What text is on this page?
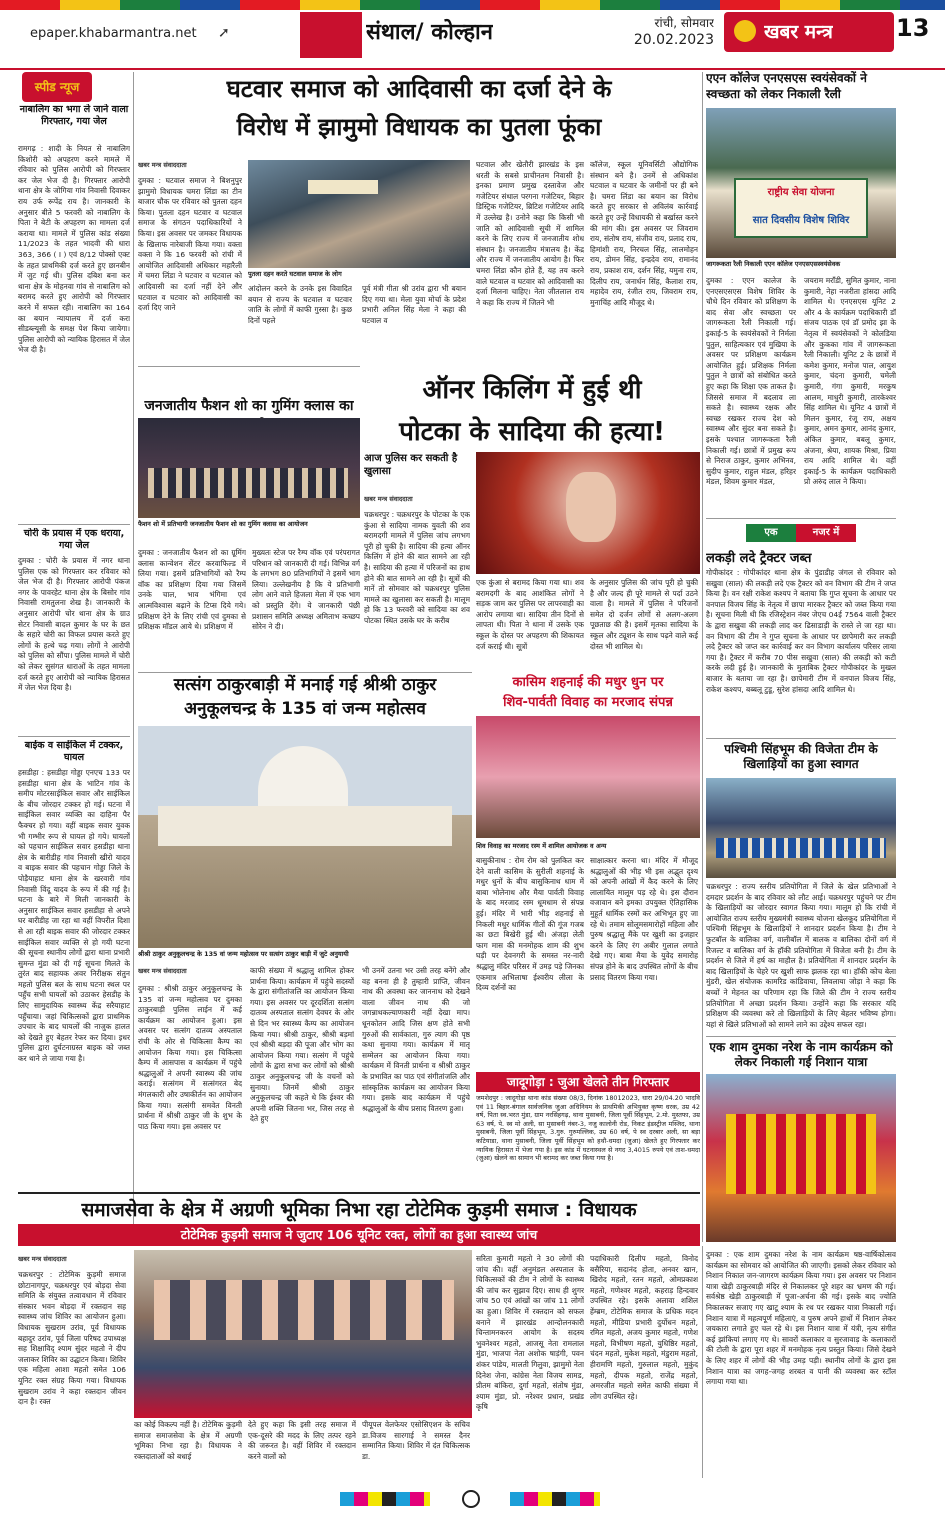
epaper.khabarmantra.net ➚	संथाल/ कोल्हान	रांची, सोमवार
20.02.2023	खबर मन्त्र	13
स्पीड न्यूज
नाबालिग का भगा ले जाने वाला गिरफ्तार, गया जेल
रामगढ़ : शादी के नियत से नाबालिग किशोरी को अपहरण करने मामले में रविवार को पुलिस आरोपी को गिरफ्तार कर जेल भेज दी है। गिरफ्तार आरोपी थाना क्षेत्र के जोगिया गांव निवासी दिवाकर राय उर्फ रूपेंद्र राय है। जानकारी के अनुसार बीते 5 फरवरी को नाबालिग के पिता ने बेटी के अपहरण का मामला दर्ज कराया था। मामले में पुलिस कांड संख्या 11/2023 के तहत भादवी की धारा 363, 366 ( I ) एवं 8/12 पोक्सो एक्ट के तहत प्राथमिकी दर्ज करते हुए छानबीन में जुट गई थी। पुलिस दबिश बना कर थाना क्षेत्र के मोहनवा गांव से नाबालिग को बरामद करते हुए आरोपी को गिरफ्तार करने में सफल रही। नाबालिग का 164 का बयान न्यायालय में दर्ज करा सीडब्ल्यूसी के समक्ष पेश किया जायेगा। पुलिस आरोपी को न्यायिक हिरासत में जेल भेज दी है।
चोरी के प्रयास में एक धराया, गया जेल
दुमका : चोरी के प्रयास में नगर थाना पुलिस एक को गिरफ्तार कर रविवार को जेल भेज दी है। गिरफ्तार आरोपी पंकज नगर के पावरहेट थाना क्षेत्र के बिसोर गांव निवासी रामतुलना शेख है। जानकारी के अनुसार आरोपी चोर थाना क्षेत्र के ग्राउ सेटर निवासी बादल कुमार के घर के छत के सहारे चोरी का विफल प्रयास करते हुए लोगों के हत्थे चढ़ गया। लोगों ने आरोपी को पुलिस को सौंपा। पुलिस मामले में चोरी को लेकर सुसंगत धाराओं के तहत मामला दर्ज करते हुए आरोपी को न्यायिक हिरासत में जेल भेज दिया है।
बाईक व साईकिल में टक्कर, घायल
हसडीहा : हसडीहा गोड्डा एनएच 133 पर हसडीहा थाना क्षेत्र के भाटिन गांव के समीप मोटरसाईकिल सवार और साईकिल के बीच जोरदार टक्कर हो गई। घटना में साईकिल सवार व्यक्ति का दाहिना पैर फैक्चर हो गया। वहीं बाइक सवार युवक भी गम्भीर रूप से घायल हो गये। घायलों को पहचान साईकिल सवार हसडीहा थाना क्षेत्र के बारीडीह गांव निवासी खीरो यादव व बाइक सवार की पहचान गोड्डा जिले के पोड़ैयाहाट थाना क्षेत्र के खरवारी गांव निवासी विंदू यादव के रूप में की गई है। घटना के बारे में मिली जानकारी के अनुसार साईकिल सवार हसडीहा से अपने घर बारीडीह जा रहा था वहीं विपरीत दिशा से आ रही बाइक सवार की जोरदार टक्कर साईकिल सवार व्यक्ति से हो गयी घटना की सूचना स्थानीय लोगों द्वारा थाना प्रभारी सुमन्त मुंडा को दी गई सूचना मिलते के तुरंत बाद सहायक अवर निरीक्षक संतुन महतो पुलिस बल के साथ घटना स्थल पर पहुँच सभी घायलों को उठाकर हेसडीह के लिए सामुदायिक स्वास्थ्य केंद्र सरैयाहाट पहुँचाया। जहां चिकित्सकों द्वारा प्राथमिक उपचार के बाद घायलों की नाजुक हालत को देखते हुए बेहतर रेफर कर दिया। इधर पुलिस द्वारा दुर्घटनाग्रस्त बाइक को जब्त कर थाने ले जाया गया है।
घटवार समाज को आदिवासी का दर्जा देने के
विरोध में झामुमो विधायक का पुतला फूंका
खबर मन्त्र संवाददाता
दुमका : घटवाल समाज ने बिशनुपुर झामुमो विधायक चमरा लिंडा का टीन बाजार चौक पर रविवार को पुतला दहन किया। पुतला दहन घटवार व घटवाल समाज के संगठन पदाधिकारियों ने किया। इस अवसर पर जमकर विधायक के खिलाफ नारेबाजी किया गया। वक्ता वक्ता ने कि 16 फरवरी को रांची में आयोजित आदिवासी अधिकार महारैली में चमरा लिंडा ने घटवार व घटवाल को आदिवासी का दर्जा नहीं देने और घटवाल व घटवार को आदिवासी का दर्जा दिए जाने
पुतला दहन करते घटवाल समाज के लोग
आंदोलन करने के उनके इस विवादित बयान से राज्य के घटवाल व घटवार जाति के लोगों में काफी गुस्सा है। कुछ दिनों पहले
पूर्व मंत्री गीता श्री उरांव द्वारा भी बयान दिए गया था। मेला युवा मोर्चा के प्रदेश प्रभारी अनिल सिंह मेला ने कहा की घटवाल व
घटवाल और खेतौरी झारखंड के इस धरती के सबसे प्राचीनतम निवासी है। इनका प्रमाण प्रमुख दस्तावेज और गजेटियर संथाल परगना गजेटियर, बिहार डिस्ट्रिक गजेटियर, ब्रिटिश गजेटियर आदि में उल्लेख है। उनोने कहा कि किसी भी जाति को आदिवासी सूची में शामिल करने के लिए राज्य में जनजातीय शोध संस्थान है। जनजातीय मंत्रालय है। केंद्र और राज्य में जनजातीय आयोग है। फिर चमरा लिंडा कौन होते हैं, यह तय करने वाले घटवाल व घटवार को आदिवासी का दर्जा मिलना चाहिए। नेता जीतलाल राय ने कहा कि राज्य में जितने भी
कॉलेज, स्कूल यूनिवर्सिटी औद्योगिक संस्थान बने है। उनमें से अधिकांश घटवाल व घटवार के जमीनों पर ही बने है। चमरा लिंडा का बयान का विरोध करते हुए सरकार से अविलंब कार्रवाई करते हुए उन्हें विधायकी से बर्खास्त करने की मांग की। इस अवसर पर जिवराम राय, संतोष राय, संजीव राय, प्रलाद राय, हिमांशी राय, निरचल सिंह, लालमोहन राय, डोमन सिंह, इन्द्रदेव राय, रामानंद राय, प्रकाश राय, दर्शन सिंह, यमुना राय, दिलीप राय, जनार्धन सिंह, कैलाश राय, महादेव राय, रंजीत राय, जिवराम राय, मुनाचिंह आदि मौजूद थे।
एएन कॉलेज एनएसएस स्वयंसेवकों ने स्वच्छता को लेकर निकाली रैली
राष्ट्रीय सेवा योजना
सात दिवसीय विशेष शिविर
जागरूकता रैली निकाली एएन कॉलेज एनएसएसस्वयंसेवक
दुमका : एएन कालेज के एनएसएसएस विशेष शिविर के चौथे दिन रविवार को प्रशिक्षण के बाद सेवा और स्वच्छता पर जागरूकता रैली निकाली गई। इकाई-5 के स्वयंसेवकों ने निर्मला पुतुल, साहित्यकार एवं मुखिया के अवसर पर प्रशिक्षण कार्यक्रम आयोजित हुई। प्रशिक्षक निर्मला पुतुल ने छात्रों को संबोधित करते हुए कहा कि शिक्षा एक ताकत है। जिससे समाज में बदलाव ला सकते है। स्वास्थ्य रक्षक और स्वच्छ रखकर राज्य देश को स्वास्थ्य और सुंदर बना सकते है। इसके पश्चात जागरूकता रैली निकाली गई। छात्रों में प्रमुख रूप से निराज ठाकुर, कुमार अभिनव, सुदीप कुमार, राहुल मंडल, हरिहर मंडल, शिवम कुमार मंडल,
जयराम मराँडी, सुमित कुमार, नाना कुमारी, नेहा नजरीता हांसदा आदि शामिल थे। एनएसएस यूनिट 2 और 4 के कार्यक्रम पदाधिकारी डॉ संजय पाठक एवं डॉ प्रमोद झा के नेतृत्व में स्वयंसेवकों ने कोलडिया और कुकका गांव में जागरूकता रैली निकाली। यूनिट 2 के छात्रों में कमेश कुमार, मनोज पाल, आयुश कुमार, चंदना कुमारी, चमेली कुमारी, गंगा कुमारी, मरकुष आलम, माधुरी कुमारी, तारकेश्वर सिंह शामिल थे। यूनिट 4 छात्रों में मिलन कुमार, रंजू राय, अक्षय कुमार, अमन कुमार, आनंद कुमार, अंकित कुमार, बबलू कुमार, अंजना, श्रेया, शायक मिश्रा, प्रिया राय आदि शामिल थे। वहीं इकाई-5 के कार्यक्रम पदाधिकारी प्रो अरुंद लाल ने किया।
जनजातीय फैशन शो का गुमिंग क्लास का
फैशन शो में प्रतिभागी जनजातीय फैशन शो का गुमिंग क्लास का आयोजन
दुमका : जनजातीय फैशन शो का ग्रूमिंग क्लास कान्वेशन सेंटर करवाफिल्ड में लिया गया। इसमें प्रतिभागियों को रैम्प वॉक का प्रशिक्षण दिया गया जिसमें उनके चाल, भाव भंगिमा एवं आत्मविश्वास बढ़ाने के टिप्स दिये गये। प्रशिक्षण देने के लिए रांची एवं दुमका से प्रशिक्षक मॉडल आये थे। प्रशिक्षण में
मुख्यतः स्टेज पर रैम्प वॉक एवं परंपरागत परिधान को जानकारी दी गई। विभिन्न वर्ग के लगभग 80 प्रतिभागियों ने इसमें भाग लिया। उल्लेखनीय है कि ये प्रतिभागी लोग आने वाले हिजला मेला में एक भाग को प्रस्तुति देंगे। ये जानकारी पंछी प्रशासन समिति अध्यक्ष अमिताभ कच्छप सोरेन ने दी।
ऑनर किलिंग में हुई थी
पोटका के सादिया की हत्या!
आज पुलिस कर सकती है खुलासा
खबर मन्त्र संवाददाता
चक्रधरपुर : चक्रधरपुर के पोटका के एक कुंआ से सादिया नामक युवती की शव बरामदगी मामले में पुलिस जांच लगभग पूरी हो चुकी है। सादिया की हत्या ऑनर किलिंग में होने की बात सामने आ रही है। सादिया की हत्या में परिजनों का हाथ होने की बात सामने आ रही है। सूत्रों की मानें तो सोमवार को चक्रधरपुर पुलिस मामले का खुलासा कर सकती है। मालूम हो कि 13 फरवरी को सादिया का शव पोटका स्थित उसके घर के करीब
एक कुंआ से बरामद किया गया था। शव बरामदगी के बाद आशंकित लोगों ने सड़क जाम कर पुलिस पर लापरवाही का आरोप लगाया था। सादिया तीन दिनों से लापता थी। पिता ने थाना में उसके एक स्कूल के दोस्त पर अपहरण की शिकायत दर्ज कराई थी। सूत्रों
के अनुसार पुलिस की जांच पूरी हो चुकी है और जल्द ही पूरे मामले से पर्दा उठने वाला है। मामले में पुलिस ने परिजनों समेत दो दर्जन लोगों से अलग-अलग पूछताछ की है। इसमें मृतका सादिया के स्कूल और ट्यूशन के साथ पढ़ने वाले कई दोस्त भी शामिल थे।
एक	नजर में
लकड़ी लदे ट्रैक्टर जब्त
गोपीकांदर : गोपीकांदर थाना क्षेत्र के पुंडाडीह जंगल से रविवार को सखुवा (साल) की लकड़ी लदे एक ट्रैक्टर को वन विभाग की टीम ने जप्त किया है। वन रक्षी राकेश कश्यप ने बताया कि गुप्त सूचना के आधार पर वनपाल विजय सिंह के नेतृत्व में छापा मारकर ट्रैक्टर को जब्त किया गया है। सूचना मिली थी कि रजिस्ट्रेशन नंबर जेएच 04ई 7564 वाली ट्रैक्टर के द्वारा सखुवा की लकड़ी लाद कर ढिसाडाड़ी के रास्ते ले जा रहा था। वन विभाग की टीम ने गुप्त सूचना के आधार पर छापेमारी कर लकड़ी लदे ट्रैक्टर को जप्त कर कार्रवाई कर वन विभाग कार्यालय परिसर लाया गया है। ट्रैक्टर में करीब 70 पीस सखुवा (साल) की लकड़ी को कटी करके लदी हुई है। जानकारी के मुताबिक ट्रैक्टर गोपीकांदर के मुखल बाजार के बताया जा रहा है। छापेमारी टीम में वनपाल विजय सिंह, राकेश कश्यप, बब्बलू टुडू, सुरेश हांसदा आदि शामिल थे।
सत्संग ठाकुरबाड़ी में मनाई गई श्रीश्री ठाकुर
अनुकूलचन्द्र के 135 वां जन्म महोत्सव
श्रीश्री ठाकुर अनुकूलचन्द्र के 135 वां जन्म महोत्सव पर सत्संग ठाकुर बाड़ी में जुटे अनुयायी
खबर मन्त्र संवाददाता
दुमका : श्रीश्री ठाकुर अनुकूलचन्द्र के 135 वां जन्म महोत्सव पर दुमका ठाकुरबाड़ी पुलिस लाईन में कई कार्यक्रम का आयोजन हुआ। इस अवसर पर सत्संग दातव्य अस्पताल रांची के ओर से चिकित्सा कैम्प का आयोजन किया गया। इस चिकित्सा कैम्प में आसपास व कार्यक्रम में पहुंचे श्रद्धालुओं ने अपनी स्वास्थ्य की जांच कराई। सत्संगम में सत्संगरत बेद मंगलकारी और उषाकीर्तन का आयोजन किया गया। सत्संगी समवेत विनती प्रार्थना में श्रीश्री ठाकुर जी के शुभ के पाठ किया गया। इस अवसर पर
काफी संख्या में श्रद्धालु शामिल होकर प्रार्थना किया। कार्यक्रम में पहुंचे सदस्यों के द्वारा संगीतांजलि का आयोजन किया गया। इस अवसर पर दूरदर्शिता सत्संग दातव्य अस्पताल सत्संग देवघर के ओर से दिन भर स्वास्थ्य कैम्प का आयोजन किया गया। श्रीश्री ठाकुर, श्रीश्री बड़मां एवं श्रीश्री बड़दा की पूजा और भोग का आयोजन किया गया। सत्संग में पहुंचे लोगों के द्वारा सभा कर लोगों को श्रीश्री ठाकुर अनुकूलचन्द्र जी के वचनों को सुनाया। जिनमें श्रीश्री ठाकुर अनुकूलचन्द्र जी कहते थे कि ईश्वर की अपनी शक्ति जितना भर, जिस तरह से देते हुए
भी उनमें उतना भर उसी तरह बनेंगे और वह बनना ही है तुम्हारी प्राप्ति, जीवन नाथ की अवस्था कर जाननाथ को देखने वाला जीवन नाथ की जो जगन्नाथकल्याणकारी नहीं देखा माप। धूनकोतन आदि जिस क्षण होते सभी गुरुओं की सार्वकाता, गुरु त्याग की पृष्ठ कथा सुनाया गया। कार्यक्रम में मातृ सम्मेलन का आयोजन किया गया। कार्यक्रम में विनती प्रार्थना व श्रीश्री ठाकुर के प्रभावित का पाठ एवं संगीतांजलि और सांस्कृतिक कार्यक्रम का आयोजन किया गया। इसके बाद कार्यक्रम में पहुंचे श्रद्धालुओं के बीच प्रसाद वितरण हुआ।
कासिम शहनाई की मधुर धुन पर
शिव-पार्वती विवाह का मरजाद संपन्न
शिव विवाह का मरजाद रस्म में शामिल आयोजक व अन्य
बासुकीनाथ : रोम रोम को पुलकित कर देने वाली कासिम के सुरीली शहनाई के मधुर धुनों के बीच बासुकिनाथ धाम में बाबा भोलेनाथ और मैया पार्वती विवाह के बाद मरजाद रस्म धूमधाम से संपन्न हुई। मंदिर में भारी भीड़ शहनाई से निकली मधुर धार्मिक गीतों की गूंज गजब का छटा बिखेरी हुई थी। अंजड़ा लेती फाग मास की मनमोहक शाम की शुभ घड़ी पर देवनगरी के समस्त नर-नारी श्रद्धालु मंदिर परिसर में उमड़ पड़े जिनका एकमात्र अभिलाषा ईश्वरीय लीला के दिव्य दर्शनों का
साक्षात्कार करना था। मंदिर में मौजूद श्रद्धालुओं की भीड़ भी इस अद्भुत दृश्य को अपनी आंखों में कैद करने के लिए लालायित मालूम पड़ रहे थे। इस दौरान वजावान बने इमका उपयुक्त ऐतिहासिक मुहूर्त धार्मिक रस्मों कर अभिभूत हुए जा रहे थे। तमाम सोलूमसमारोहों महिला और पुरुष श्रद्धालु मैंके पर खुशी का इजहार करने के लिए रंग अबीर गुलाल लगाते देखे गए। बाबा मैया के युवेद समारोह संपन्न होने के बाद उपस्थित लोगों के बीच प्रसाद वितरण किया गया।
जादूगोड़ा : जुआ खेलते तीन गिरफ्तार
जमशेदपुर : जादूगोड़ा थाना कांड संख्या 08/3, दिनांक 18012023, धारा 29/04.20 भादवि एवं 11 बिहार-बंगाल सार्वजनिक जुआ अधिनियम के प्राथमिकी अभियुक्त कृष्ण धरक, उम्र 42 वर्ष, पिता स्व.भरत मुंडा, ग्राम नरसिंहगढ़, थाना मुसाबनी, जिला पूर्वी सिंहभूम, 2.मो. मुस्तफा, उम्र 63 वर्ष, पे. स्व मो अली, सा मुसाबनी नंबर-3, नजु कालोनी रोड, निकट इंडस्ट्रीज मस्जिद, थाना मुसाबनी, जिला पूर्वी सिंहभूम, 3.गुरु. गुरुमल्लिक, उम्र 60 वर्ष, पे स्व दरबार अली, सा बड़ा कटियाडा, थाना मुसाबनी, जिला पूर्वी सिंहभूम को हथौ-धमदा (जुआ) खेलते हुए गिरफ्तार कर न्यायिक हिरासत में भेजा गया है। इस कांड में घटनास्थल से नगद 3,4015 रुपये एवं ताश-धमदा (जुआ) खेलने का सामान भी बरामद कर जब्त किया गया है।
पश्चिमी सिंहभूम की विजेता टीम के खिलाड़ियों का हुआ स्वागत
चक्रधरपुर : राज्य स्तरीय प्रतियोगिता में जिले के खेल प्रतिभाओं ने दमदार प्रदर्शन के बाद रविवार को लौट आई। चक्रधरपुर पहुंचने पर टीम के खिलाड़ियों का जोरदार स्वागत किया गया। मालूम हो कि रांची में आयोजित राज्य स्तरीय मुख्यमंत्री स्वास्थ्य योजना खेलकूद प्रतियोगिता में पश्चिमी सिंहभूम के खिलाड़ियों ने शानदार प्रदर्शन किया है। टीम ने फुटबॉल के बालिका वर्ग, वालीबॉल में बालक व बालिका दोनों वर्ग में रिजल्ट व बालिका वर्ग के हॉकी प्रतियोगिता में विजेता बनी है। टीम के प्रदर्शन से जिले में हर्ष का माहौल है। प्रतियोगिता में शानदार प्रदर्शन के बाद खिलाड़ियों के चेहरे पर खुशी साफ झलक रहा था। हॉकी कोच बेला मुंडरी, खेल संयोजक कामरिड कांडिवाया, लिवलाया जोड़ा ने कहा कि बच्चों ने मेहनत का परिणाम रहा कि जिले की टीम ने राज्य स्तरीय प्रतियोगिता में अच्छा प्रदर्शन किया। उन्होंने कहा कि सरकार यदि प्रशिक्षण की व्यवस्था करे तो खिलाड़ियों के लिए बेहतर भविष्य होगा। यहां से खिले प्रतिभाओं को सामने लाने का उद्देश्य सफल रहा।
एक शाम दुमका नरेश के नाम कार्यक्रम को लेकर निकाली गई निशान यात्रा
समाजसेवा के क्षेत्र में अग्रणी भूमिका निभा रहा टोटेमिक कुड़मी समाज : विधायक
टोटेमिक कुड़मी समाज ने जुटाए 106 यूनिट रक्त, लोगों का हुआ स्वास्थ्य जांच
खबर मन्त्र संवाददाता
चक्रधरपुर : टोटेमिक कुड़मी समाज छोटानागपुर, चक्रधरपुर एवं बोड़दा सेवा समिति के संयुक्त तत्वावधान में रविवार संस्कार भवन बोड़दा में रक्तदान सह स्वास्थ्य जांच शिविर का आयोजन हुआ। विधायक सुखराम उरांव, पूर्व विधायक बहादुर उरांव, पूर्व जिला परिषद उपाध्यक्ष सह शिक्षाविद् श्याम सुंदर महतो ने दीप जलाकर शिविर का उद्घाटन किया। शिविर एक महिला आशा महतो समेत 106 यूनिट रक्त संग्रह किया गया। विधायक सुखराम उरांव ने कहा रक्तदान जीवन दान है। रक्त
का कोई विकल्प नहीं है। टोटेमिक कुड़मी समाज समाजसेवा के क्षेत्र में अग्रणी भूमिका निभा रहा है। विधायक ने रक्तदाताओं को बधाई
देते हुए कहा कि इसी तरह समाज में एक-दूसरे की मदद के लिए तत्पर रहने की जरूरत है। वहीं शिविर में रक्तदान करने वालों को
पीयूपल वेलफेयर एसोसिएशन के सचिव डा.विजय सारगाई ने समस्त दैनर सम्मानित किया। शिविर में दंत चिकित्सक डा.
सरिता कुमारी महतो ने 30 लोगों की जांच की। वहीं अनुमंडल अस्पताल के चिकित्सकों की टीम ने लोगों के स्वास्थ्य की जांच कर सुझाव दिए। साथ ही शुगर जांच 50 एवं आंखों का जांच 11 लोगों का हुआ। शिविर में रक्तदान को सफल बनाने में झारखंड आन्दोलनकारी चिन्तामनकरन आयोग के सदस्य भुवनेश्वर महतो, आजसू नेता रामलाल मुंडा, भाजपा नेता अशोक षाड़ंगी, पवन शंकर पांडेय, मालती गिलुवा, झामुमो नेता दिनेश जेना, कांग्रेस नेता विजय सामड, प्रीतम बांकिरा, दुर्गा महतो, संतोष मुंडा, श्याम मुंडा, प्रो. नरेश्वर प्रधान, प्रखंड कृषि
पदाधिकारी दिलीप महतो, विनोद बसैरिया, सदानंद होता, अनवर खान, खिरोद महतो, रतन महतो, ओमप्रकाश महतो, गणेश्वर महतो, कहराड़ हिन्दवार उपस्थित रहे। इसके अलावा शशिल हेंम्ब्रम, टोटेमिक समाज के प्रधिक मदन महतो, मीडिया प्रभारी दुर्योधन महतो, रमित महतो, अजय कुमार महतो, गणेश महतो, विभीषण महतो, युधिष्ठिर महतो, चंदन महतो, मुकेश महतो, मंडुराम महतो, हीरामणि महतो, गुरुलाल महतो, मुकुंद महतो, दीपक महतो, राजेंद्र महतो, अमरजीत महतो समेत काफी संख्या में लोग उपस्थित रहे।
दुमका : एक शाम दुमका नरेश के नाम कार्यक्रम षष्ठ-वार्षिकोत्सव कार्यक्रम का सोमवार को आयोजित की जाएगी। इसको लेकर रविवार को निशान निकाल जन-जागरण कार्यक्रम किया गया। इस अवसर पर निशान यात्रा खेड़ी ठाकुरबाड़ी मंदिर से निकालकर पूरे शहर का भ्रमण की गई। सर्वश्रेष्ठ खेड़ी ठाकुरबाड़ी में पूजा-अर्चना की गई। इसके बाद ज्योति निकालकर सजाए गए खाटू श्याम के रथ पर रखकर यात्रा निकाली गई। निशान यात्रा में महत्वपूर्ण महिलाएं, व पुरुष अपने हाथों में निशान लेकर जयकारा लगाते हुए चल रहे थे। इस निशान यात्रा में यंत्री, नृत्य संगीत कई झांकियां लगाए गए थे। सावरों कलाकार व सुरजावाड़ के कलाकारों की टोली के द्वारा पूरा शहर में मनमोहक नृत्य प्रस्तुत किया। जिसे देखने के लिए शहर में लोगों की भीड़ उमड़ पड़ी। स्थानीय लोगों के द्वारा इस निशान यात्रा का जगह-जगह शरबत व पानी की व्यवस्था कर स्टॉल लगाया गया था।
